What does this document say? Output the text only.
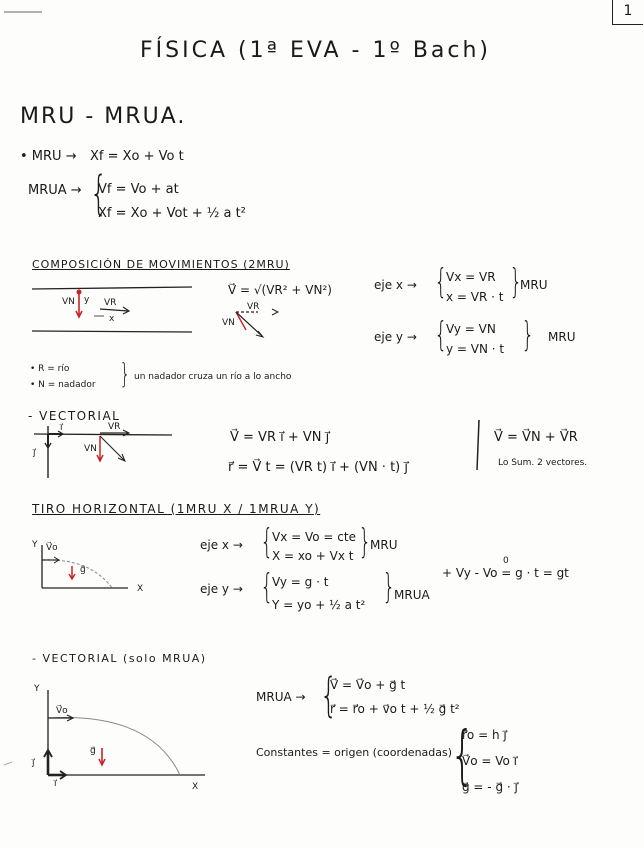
1
FÍSICA (1ª EVA - 1º Bach)
MRU - MRUA.
• MRU → Xf = Xo + Vo t
MRUA → {
Vf = Vo + at
Xf = Xo + Vot + ½ a t²
COMPOSICIÓN DE MOVIMIENTOS (2MRU)
VN y VR
x
V⃗ = √(VR² + VN²)
VR
VN
eje x → {
Vx = VR
x = VR · t }
MRU
eje y → {
Vy = VN
y = VN · t } MRU
• R = río
• N = nadador } un nadador cruza un río a lo ancho
- VECTORIAL
i⃗
j⃗
VR
VN
V⃗ = VR i⃗ + VN j⃗
r⃗ = V⃗ t = (VR t) i⃗ + (VN · t) j⃗
V⃗ = V⃗N + V⃗R
Lo Sum. 2 vectores.
TIRO HORIZONTAL (1MRU X / 1MRUA Y)
Y
X
V⃗o
g⃗
eje x → {
Vx = Vo = cte
X = xo + Vx t }
MRU
eje y → {
Vy = g · t
Y = yo + ½ a t² }
MRUA
+ Vy - Vo = g · t = gt
0
- VECTORIAL (solo MRUA)
Y
X
V⃗o
g⃗
i⃗
j⃗
MRUA → {
V⃗ = V⃗o + g⃗ t
r⃗ = r⃗o + v⃗o t + ½ g⃗ t²
Constantes = origen (coordenadas)
{
r⃗o = h j⃗
V⃗o = Vo i⃗
g⃗ = - g⃗ · j⃗
